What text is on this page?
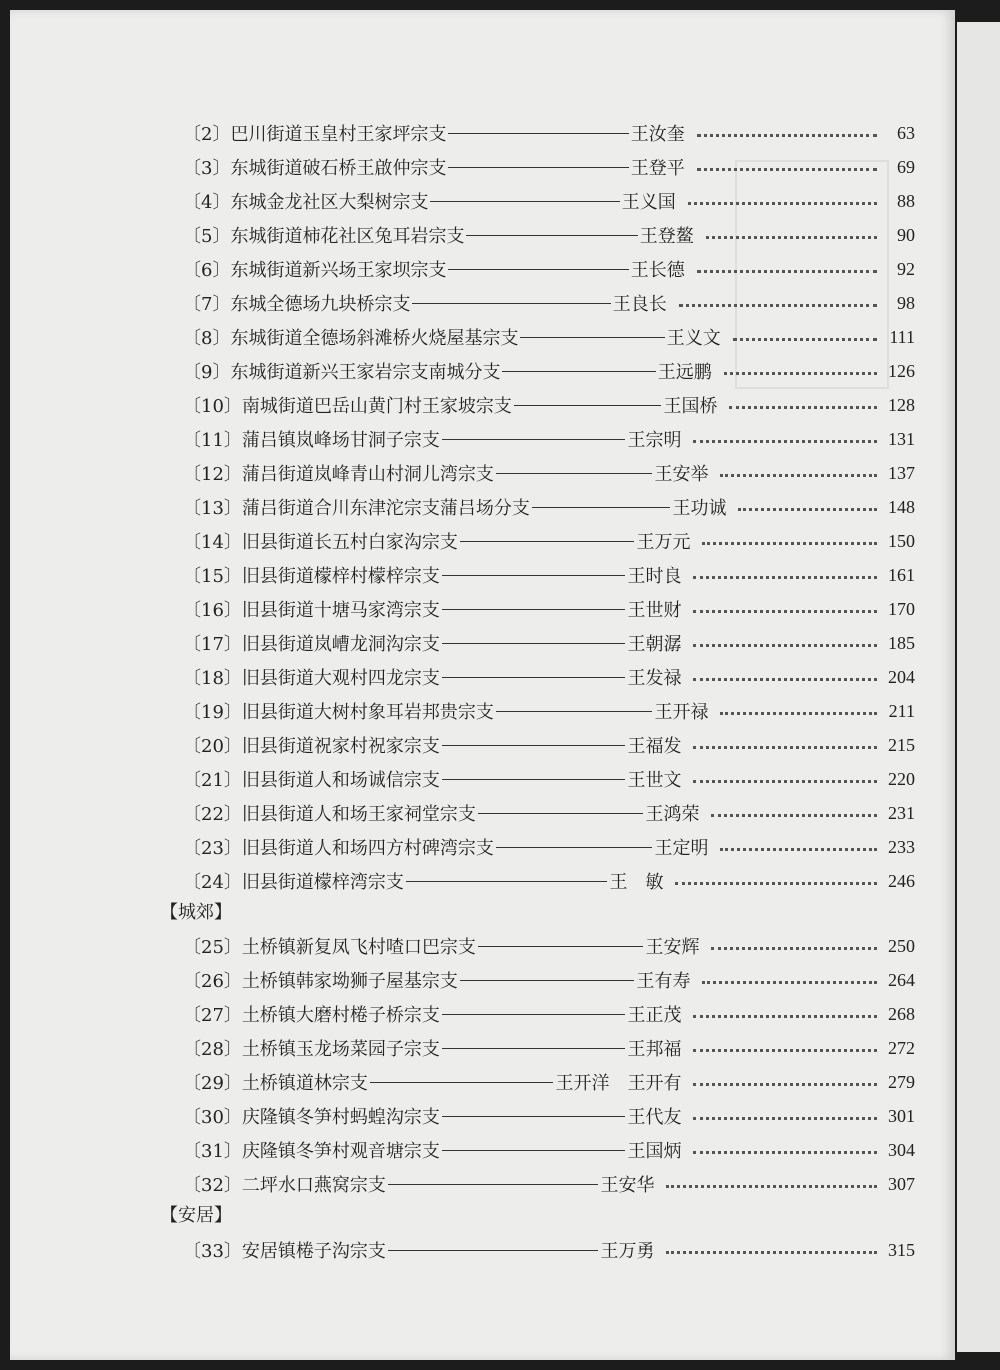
〔2〕巴川街道玉皇村王家坪宗支	王汝奎	63
〔3〕东城街道破石桥王啟仲宗支	王登平	69
〔4〕东城金龙社区大梨树宗支	王义国	88
〔5〕东城街道柿花社区兔耳岩宗支	王登鳌	90
〔6〕东城街道新兴场王家坝宗支	王长德	92
〔7〕东城全德场九块桥宗支	王良长	98
〔8〕东城街道全德场斜滩桥火烧屋基宗支	王义文	111
〔9〕东城街道新兴王家岩宗支南城分支	王远鹏	126
〔10〕南城街道巴岳山黄门村王家坡宗支	王国桥	128
〔11〕蒲吕镇岚峰场甘洞子宗支	王宗明	131
〔12〕蒲吕街道岚峰青山村洞儿湾宗支	王安举	137
〔13〕蒲吕街道合川东津沱宗支蒲吕场分支	王功诚	148
〔14〕旧县街道长五村白家沟宗支	王万元	150
〔15〕旧县街道檬梓村檬梓宗支	王时良	161
〔16〕旧县街道十塘马家湾宗支	王世财	170
〔17〕旧县街道岚嶆龙洞沟宗支	王朝潺	185
〔18〕旧县街道大观村四龙宗支	王发禄	204
〔19〕旧县街道大树村象耳岩邦贵宗支	王开禄	211
〔20〕旧县街道祝家村祝家宗支	王福发	215
〔21〕旧县街道人和场诚信宗支	王世文	220
〔22〕旧县街道人和场王家祠堂宗支	王鸿荣	231
〔23〕旧县街道人和场四方村碑湾宗支	王定明	233
〔24〕旧县街道檬梓湾宗支	王　敏	246
【城郊】
〔25〕土桥镇新复凤飞村喳口巴宗支	王安辉	250
〔26〕土桥镇韩家坳狮子屋基宗支	王有寿	264
〔27〕土桥镇大磨村棬子桥宗支	王正茂	268
〔28〕土桥镇玉龙场菜园子宗支	王邦福	272
〔29〕土桥镇道林宗支	王开洋　王开有	279
〔30〕庆隆镇冬笋村蚂蝗沟宗支	王代友	301
〔31〕庆隆镇冬笋村观音塘宗支	王国炳	304
〔32〕二坪水口燕窝宗支	王安华	307
【安居】
〔33〕安居镇棬子沟宗支	王万勇	315
